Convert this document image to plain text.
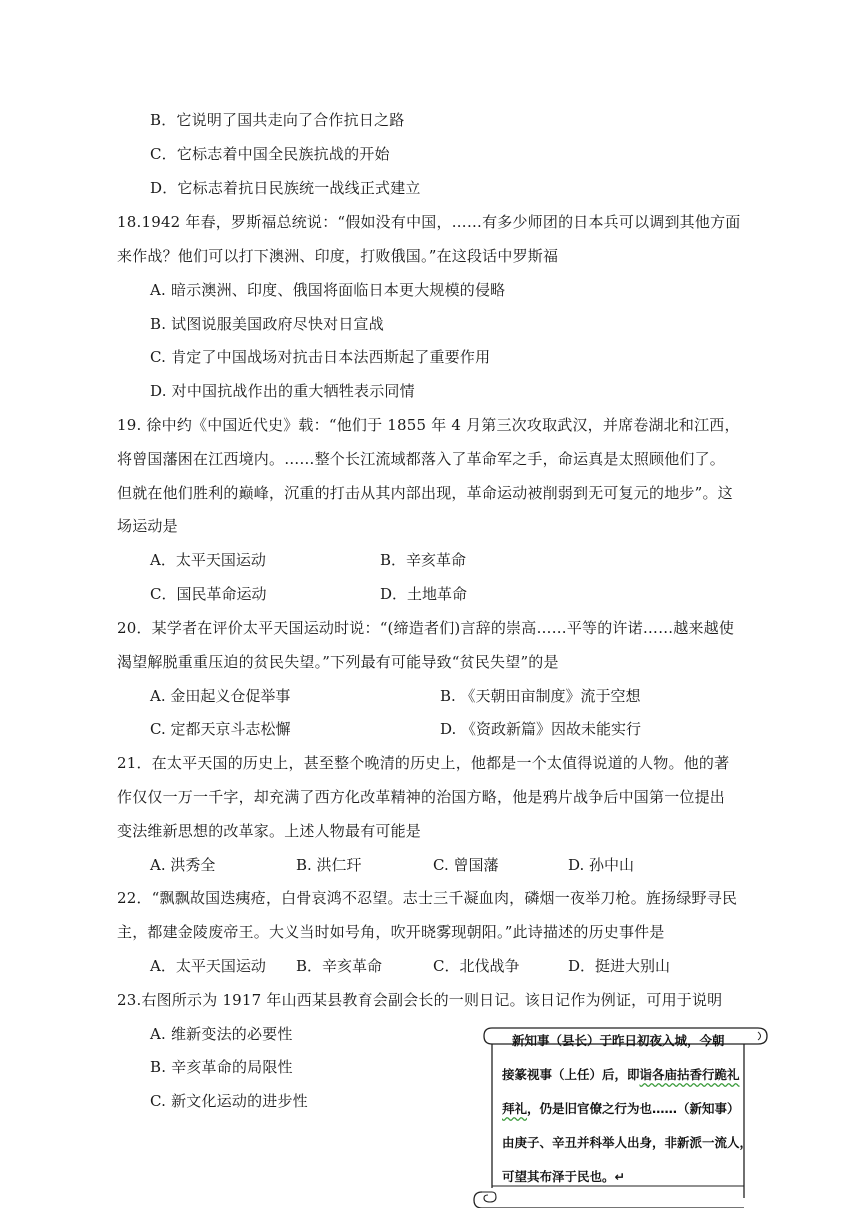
B．它说明了国共走向了合作抗日之路
C．它标志着中国全民族抗战的开始
D．它标志着抗日民族统一战线正式建立
18.1942 年春，罗斯福总统说：“假如没有中国，……有多少师团的日本兵可以调到其他方面
来作战？他们可以打下澳洲、印度，打败俄国。”在这段话中罗斯福
A. 暗示澳洲、印度、俄国将面临日本更大规模的侵略
B. 试图说服美国政府尽快对日宣战
C. 肯定了中国战场对抗击日本法西斯起了重要作用
D. 对中国抗战作出的重大牺牲表示同情
19. 徐中约《中国近代史》载：“他们于 1855 年 4 月第三次攻取武汉，并席卷湖北和江西，
将曾国藩困在江西境内。……整个长江流域都落入了革命军之手，命运真是太照顾他们了。
但就在他们胜利的巅峰，沉重的打击从其内部出现，革命运动被削弱到无可复元的地步”。这
场运动是
A．太平天国运动	B．辛亥革命
C．国民革命运动	D．土地革命
20．某学者在评价太平天国运动时说：“(缔造者们)言辞的崇高……平等的许诺……越来越使
渴望解脱重重压迫的贫民失望。”下列最有可能导致“贫民失望”的是
A. 金田起义仓促举事	B. 《天朝田亩制度》流于空想
C. 定都天京斗志松懈	D. 《资政新篇》因故未能实行
21．在太平天国的历史上，甚至整个晚清的历史上，他都是一个太值得说道的人物。他的著
作仅仅一万一千字，却充满了西方化改革精神的治国方略，他是鸦片战争后中国第一位提出
变法维新思想的改革家。上述人物最有可能是
A. 洪秀全	B. 洪仁玕	C. 曾国藩	D. 孙中山
22．“飘飘故国迭痍疮，白骨哀鸿不忍望。志士三千凝血肉，磷烟一夜举刀枪。旌扬绿野寻民
主，都建金陵废帝王。大义当时如号角，吹开晓雾现朝阳。”此诗描述的历史事件是
A．太平天国运动 B．辛亥革命	C．北伐战争	D．挺进大别山
23.右图所示为 1917 年山西某县教育会副会长的一则日记。该日记作为例证，可用于说明
A. 维新变法的必要性
B. 辛亥革命的局限性
C. 新文化运动的进步性
新知事（县长）于昨日初夜入城，今朝
接篆视事（上任）后，即诣各庙拈香行跪礼
拜礼，仍是旧官僚之行为也……（新知事）
由庚子、辛丑并科举人出身，非新派一流人，
可望其布泽于民也。↵
